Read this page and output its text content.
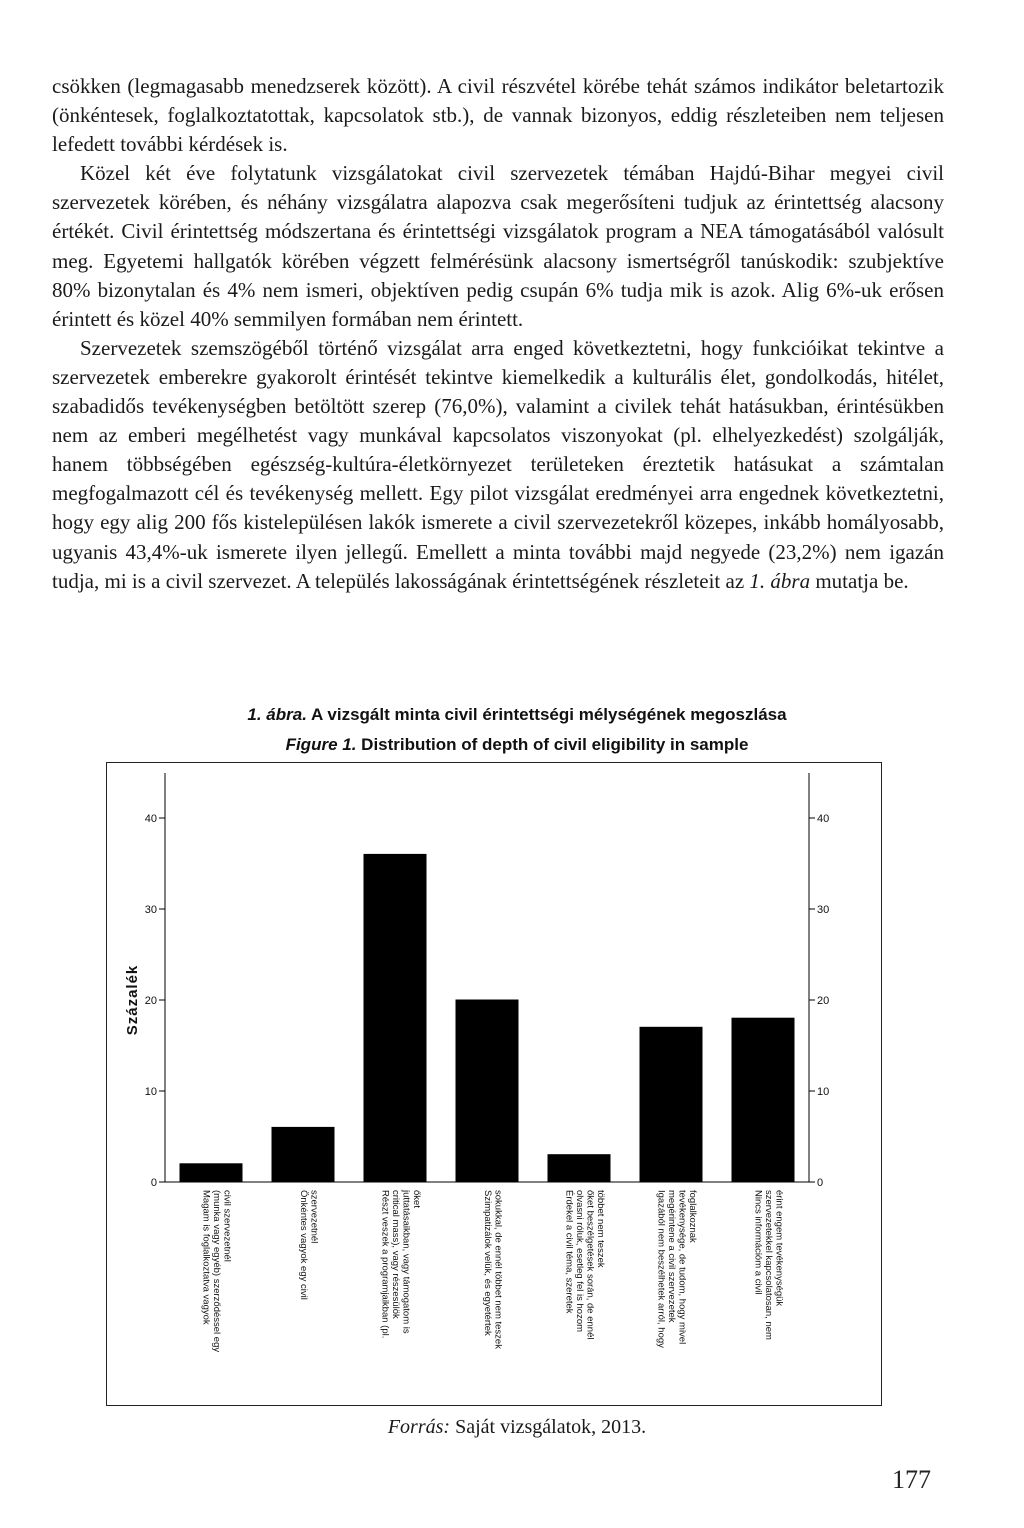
csökken (legmagasabb menedzserek között). A civil részvétel körébe tehát számos indikátor beletartozik (önkéntesek, foglalkoztatottak, kapcsolatok stb.), de vannak bizonyos, eddig részleteiben nem teljesen lefedett további kérdések is.

Közel két éve folytatunk vizsgálatokat civil szervezetek témában Hajdú-Bihar megyei civil szervezetek körében, és néhány vizsgálatra alapozva csak megerősíteni tudjuk az érintettség alacsony értékét. Civil érintettség módszertana és érintettségi vizsgálatok program a NEA támogatásából valósult meg. Egyetemi hallgatók körében végzett felmérésünk alacsony ismertségről tanúskodik: szubjektíve 80% bizonytalan és 4% nem ismeri, objektíven pedig csupán 6% tudja mik is azok. Alig 6%-uk erősen érintett és közel 40% semmilyen formában nem érintett.

Szervezetek szemszögéből történő vizsgálat arra enged következtetni, hogy funkcióikat tekintve a szervezetek emberekre gyakorolt érintését tekintve kiemelkedik a kulturális élet, gondolkodás, hitélet, szabadidős tevékenységben betöltött szerep (76,0%), valamint a civilek tehát hatásukban, érintésükben nem az emberi megélhetést vagy munkával kapcsolatos viszonyokat (pl. elhelyezkedést) szolgálják, hanem többségében egészség-kultúra-életkörnyezet területeken éreztetik hatásukat a számtalan megfogalmazott cél és tevékenység mellett. Egy pilot vizsgálat eredményei arra engednek következtetni, hogy egy alig 200 fős kistelepülésen lakók ismerete a civil szervezetekről közepes, inkább homályosabb, ugyanis 43,4%-uk ismerete ilyen jellegű. Emellett a minta további majd negyede (23,2%) nem igazán tudja, mi is a civil szervezet. A település lakosságának érintettségének részleteit az 1. ábra mutatja be.

1. ábra. A vizsgált minta civil érintettségi mélységének megoszlása
Figure 1. Distribution of depth of civil eligibility in sample
0	0
10	10
20	20
30	30
40	40
Százalék
Magam is foglalkoztatva vagyok(munka vagy egyéb) szerződéssel egycivil szervezetnél	Önkéntes vagyok egy civilszervezetnél	Részt veszek a programjaikban (pl.critical mass), vagy részesülökjuttatásaikban, vagy támogatom isőket	Szimpatizálok velük, és egyetérteksokukkal, de ennél többet nem teszek	Érdekel a civil téma, szeretekolvasni róluk, esetleg fel is hozomőket beszélgetések során, de ennéltöbbet nem teszek	Igazából nem beszélhetek arról, hogymegérintene a civil szervezetektevékenysége, de tudom, hogy mivelfoglalkoznak	Nincs információm a civilszervezetekkel kapcsolatosan, nemérint engem tevékenységük
Forrás: Saját vizsgálatok, 2013.
177
